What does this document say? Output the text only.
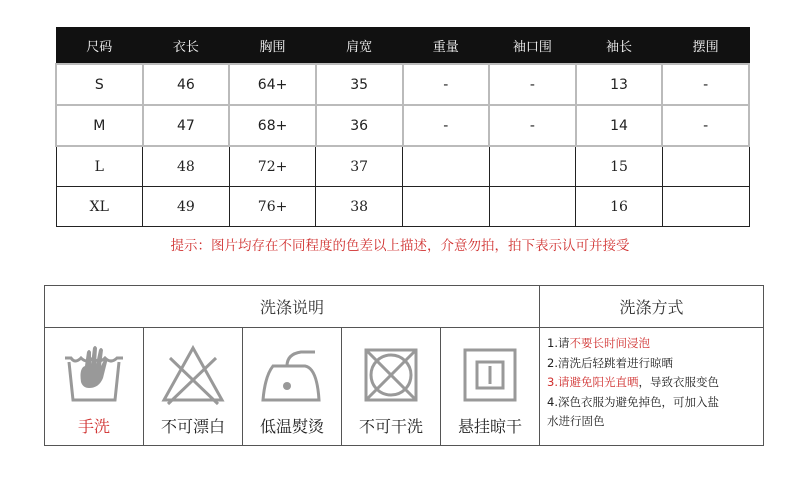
尺码	衣长	胸围	肩宽	重量	袖口围	袖长	摆围
S	46	64+	35	-	-	13	-
M	47	68+	36	-	-	14	-
L	48	72+	37			15	
XL	49	76+	38			16	
提示：图片均存在不同程度的色差以上描述，介意勿拍，拍下表示认可并接受
洗涤说明	洗涤方式
手洗	不可漂白	低温熨烫	不可干洗	悬挂晾干
1.请不要长时间浸泡
2.清洗后轻跳着进行晾晒
3.请避免阳光直晒，导致衣服变色
4.深色衣服为避免掉色，可加入盐
水进行固色
